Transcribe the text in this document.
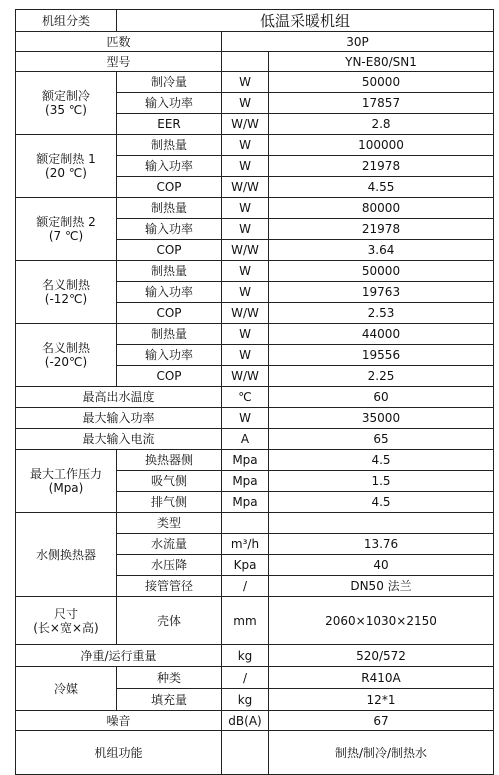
机组分类	低温采暖机组		
匹数		30P	
型号			YN-E80/SN1
额定制冷
(35 ℃)	制冷量	W	50000
	输入功率	W	17857
	EER	W/W	2.8
额定制热 1
(20 ℃)	制热量	W	100000
	输入功率	W	21978
	COP	W/W	4.55
额定制热 2
(7 ℃)	制热量	W	80000
	输入功率	W	21978
	COP	W/W	3.64
名义制热
(-12℃)	制热量	W	50000
	输入功率	W	19763
	COP	W/W	2.53
名义制热
(-20℃)	制热量	W	44000
	输入功率	W	19556
	COP	W/W	2.25
最高出水温度		℃	60
最大输入功率		W	35000
最大输入电流		A	65
最大工作压力
(Mpa)	换热器侧	Mpa	4.5
	吸气侧	Mpa	1.5
	排气侧	Mpa	4.5
水侧换热器	类型		
	水流量	m³/h	13.76
	水压降	Kpa	40
	接管管径	/	DN50 法兰
尺寸
(长×宽×高)	壳体	mm	2060×1030×2150
净重/运行重量		kg	520/572
冷媒	种类	/	R410A
	填充量	kg	12*1
噪音		dB(A)	67
机组功能			制热/制冷/制热水
